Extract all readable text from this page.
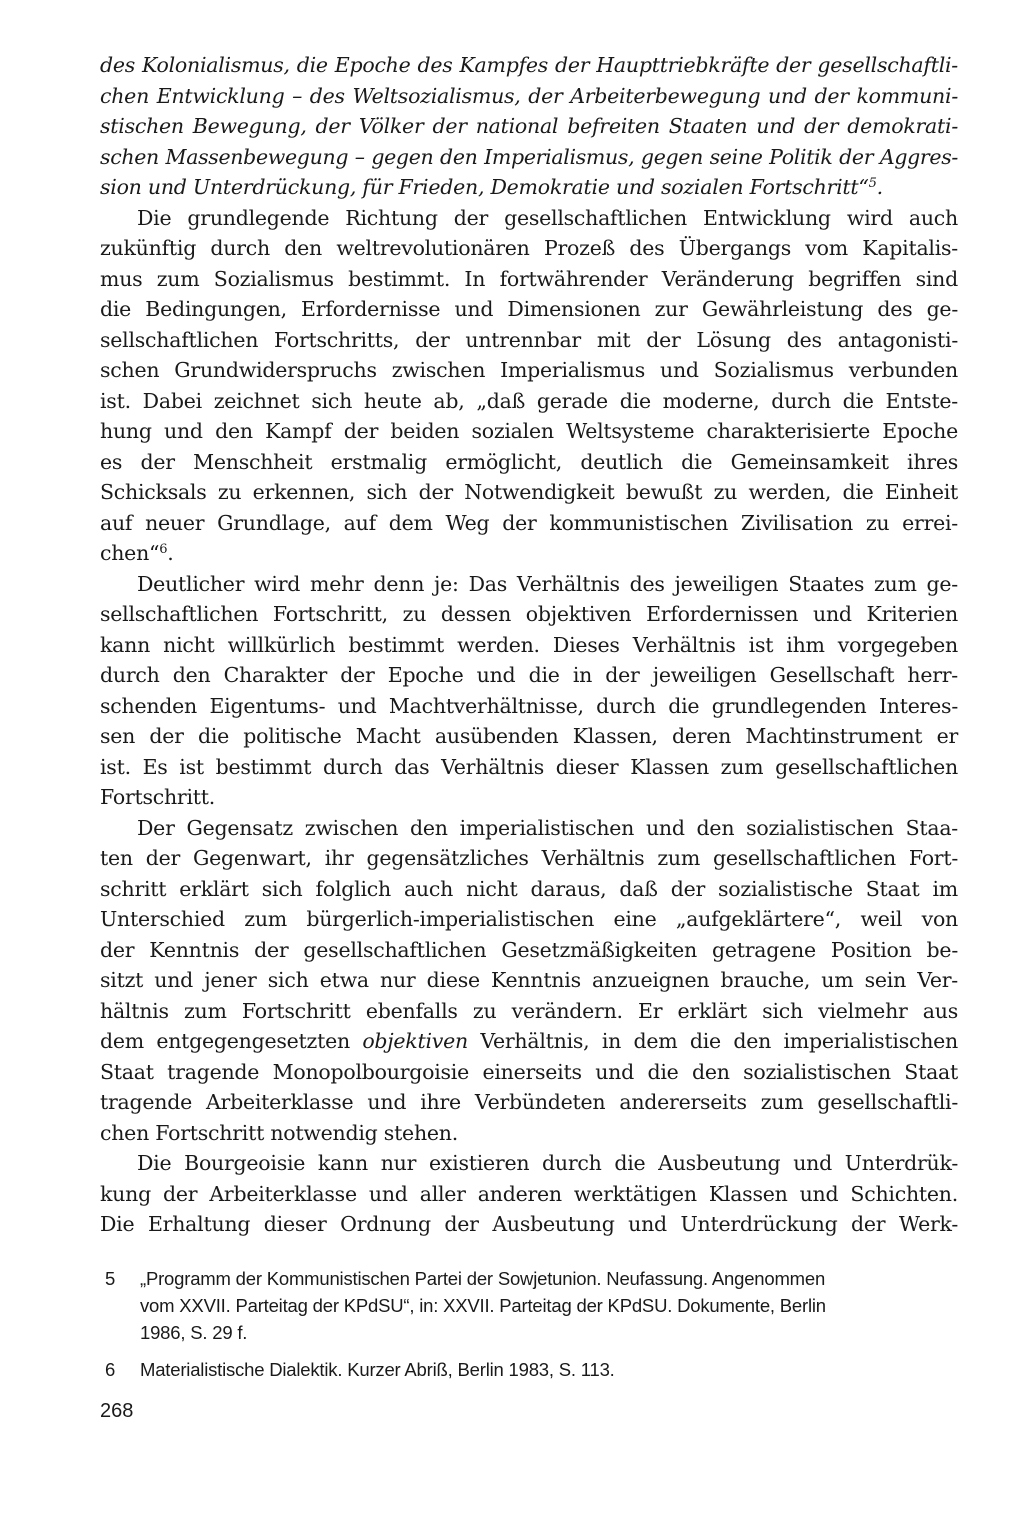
des Kolonialismus, die Epoche des Kampfes der Haupttriebkräfte der gesellschaftli-
chen Entwicklung – des Weltsozialismus, der Arbeiterbewegung und der kommuni-
stischen Bewegung, der Völker der national befreiten Staaten und der demokrati-
schen Massenbewegung – gegen den Imperialismus, gegen seine Politik der Aggres-
sion und Unterdrückung, für Frieden, Demokratie und sozialen Fortschritt“$^5$.
Die grundlegende Richtung der gesellschaftlichen Entwicklung wird auch
zukünftig durch den weltrevolutionären Prozeß des Übergangs vom Kapitalis-
mus zum Sozialismus bestimmt. In fortwährender Veränderung begriffen sind
die Bedingungen, Erfordernisse und Dimensionen zur Gewährleistung des ge-
sellschaftlichen Fortschritts, der untrennbar mit der Lösung des antagonisti-
schen Grundwiderspruchs zwischen Imperialismus und Sozialismus verbunden
ist. Dabei zeichnet sich heute ab, „daß gerade die moderne, durch die Entste-
hung und den Kampf der beiden sozialen Weltsysteme charakterisierte Epoche
es der Menschheit erstmalig ermöglicht, deutlich die Gemeinsamkeit ihres
Schicksals zu erkennen, sich der Notwendigkeit bewußt zu werden, die Einheit
auf neuer Grundlage, auf dem Weg der kommunistischen Zivilisation zu errei-
chen“$^6$.
Deutlicher wird mehr denn je: Das Verhältnis des jeweiligen Staates zum ge-
sellschaftlichen Fortschritt, zu dessen objektiven Erfordernissen und Kriterien
kann nicht willkürlich bestimmt werden. Dieses Verhältnis ist ihm vorgegeben
durch den Charakter der Epoche und die in der jeweiligen Gesellschaft herr-
schenden Eigentums- und Machtverhältnisse, durch die grundlegenden Interes-
sen der die politische Macht ausübenden Klassen, deren Machtinstrument er
ist. Es ist bestimmt durch das Verhältnis dieser Klassen zum gesellschaftlichen
Fortschritt.
Der Gegensatz zwischen den imperialistischen und den sozialistischen Staa-
ten der Gegenwart, ihr gegensätzliches Verhältnis zum gesellschaftlichen Fort-
schritt erklärt sich folglich auch nicht daraus, daß der sozialistische Staat im
Unterschied zum bürgerlich-imperialistischen eine „aufgeklärtere“, weil von
der Kenntnis der gesellschaftlichen Gesetzmäßigkeiten getragene Position be-
sitzt und jener sich etwa nur diese Kenntnis anzueignen brauche, um sein Ver-
hältnis zum Fortschritt ebenfalls zu verändern. Er erklärt sich vielmehr aus
dem entgegengesetzten objektiven Verhältnis, in dem die den imperialistischen
Staat tragende Monopolbourgoisie einerseits und die den sozialistischen Staat
tragende Arbeiterklasse und ihre Verbündeten andererseits zum gesellschaftli-
chen Fortschritt notwendig stehen.
Die Bourgeoisie kann nur existieren durch die Ausbeutung und Unterdrük-
kung der Arbeiterklasse und aller anderen werktätigen Klassen und Schichten.
Die Erhaltung dieser Ordnung der Ausbeutung und Unterdrückung der Werk-
5 „Programm der Kommunistischen Partei der Sowjetunion. Neufassung. Angenommen
vom XXVII. Parteitag der KPdSU“, in: XXVII. Parteitag der KPdSU. Dokumente, Berlin
1986, S. 29 f.
6 Materialistische Dialektik. Kurzer Abriß, Berlin 1983, S. 113.
268
